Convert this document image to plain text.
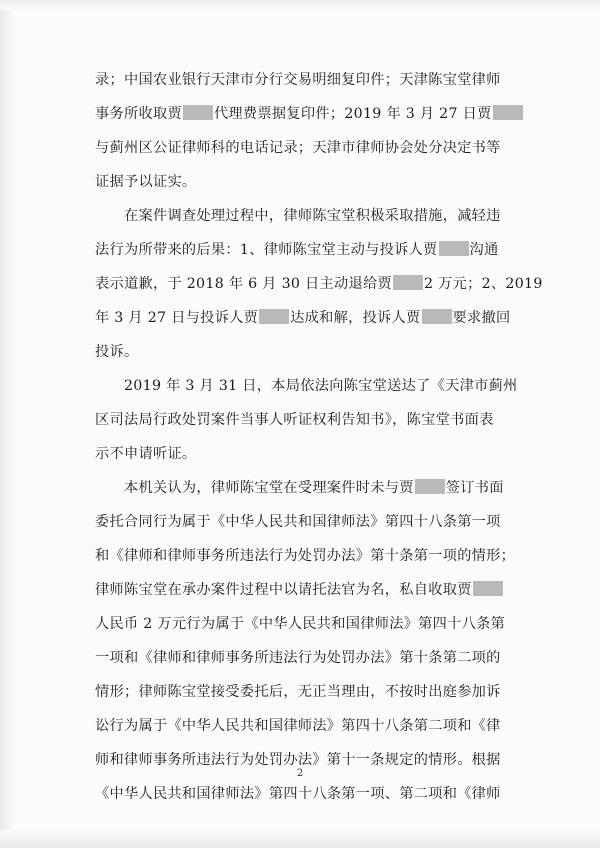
录；中国农业银行天津市分行交易明细复印件；天津陈宝堂律师
事务所收取贾 代理费票据复印件；2019 年 3 月 27 日贾
与蓟州区公证律师科的电话记录；天津市律师协会处分决定书等
证据予以证实。
　　在案件调查处理过程中，律师陈宝堂积极采取措施，减轻违
法行为所带来的后果：1、律师陈宝堂主动与投诉人贾 沟通
表示道歉，于 2018 年 6 月 30 日主动退给贾 2 万元；2、2019
年 3 月 27 日与投诉人贾 达成和解，投诉人贾 要求撤回
投诉。
　　2019 年 3 月 31 日，本局依法向陈宝堂送达了《天津市蓟州
区司法局行政处罚案件当事人听证权利告知书》，陈宝堂书面表
示不申请听证。
　　本机关认为，律师陈宝堂在受理案件时未与贾 签订书面
委托合同行为属于《中华人民共和国律师法》第四十八条第一项
和《律师和律师事务所违法行为处罚办法》第十条第一项的情形；
律师陈宝堂在承办案件过程中以请托法官为名，私自收取贾
人民币 2 万元行为属于《中华人民共和国律师法》第四十八条第
一项和《律师和律师事务所违法行为处罚办法》第十条第二项的
情形；律师陈宝堂接受委托后，无正当理由，不按时出庭参加诉
讼行为属于《中华人民共和国律师法》第四十八条第二项和《律
师和律师事务所违法行为处罚办法》第十一条规定的情形。根据
《中华人民共和国律师法》第四十八条第一项、第二项和《律师
2
